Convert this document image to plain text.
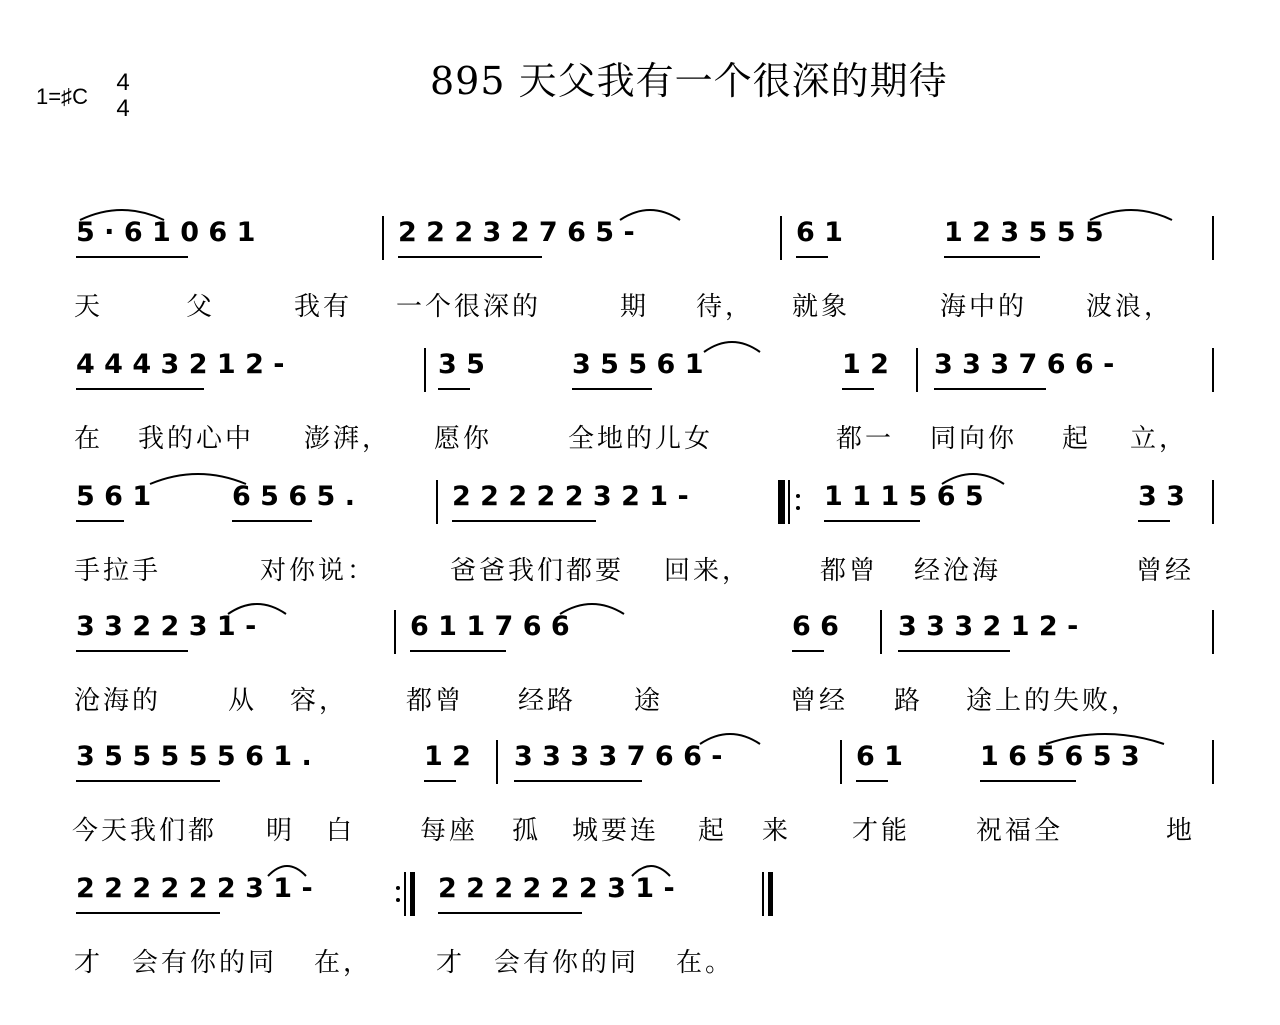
1=♯C
4
4
895 天父我有一个很深的期待
5 · 6 1 0 6 1	2 2 2 3 2 7 6 5 -	6 1	1 2 3 5 5 5
天	父	我有 一个很深的	期 待， 就象	海中的 波浪，
4 4 4 3 2 1 2 -	3 5	3 5 5 6 1	1 2 3 3 3 7 6 6 -
在 我的心中 澎湃， 愿你	全地的儿女	都一 同向你 起 立，
5 6 1	6 5 6 5 .	2 2 2 2 2 3 2 1 -	1 1 1 5 6 5	3 3
手拉手	对你说：	爸爸我们都要 回来，	都曾 经沧海	曾经
3 3 2 2 3 1 -	6 1 1 7 6 6	6 6 3 3 3 2 1 2 -
沧海的	从 容， 都曾 经路 途	曾经 路 途上的失败，
3 5 5 5 5 5 6 1 .	1 2 3 3 3 3 7 6 6 -	6 1	1 6 5 6 5 3
今天我们都 明 白 每座 孤 城要连 起 来 才能	祝福全	地
2 2 2 2 2 2 3 1 -	2 2 2 2 2 2 3 1 -
才 会有你的同 在， 才 会有你的同 在。
